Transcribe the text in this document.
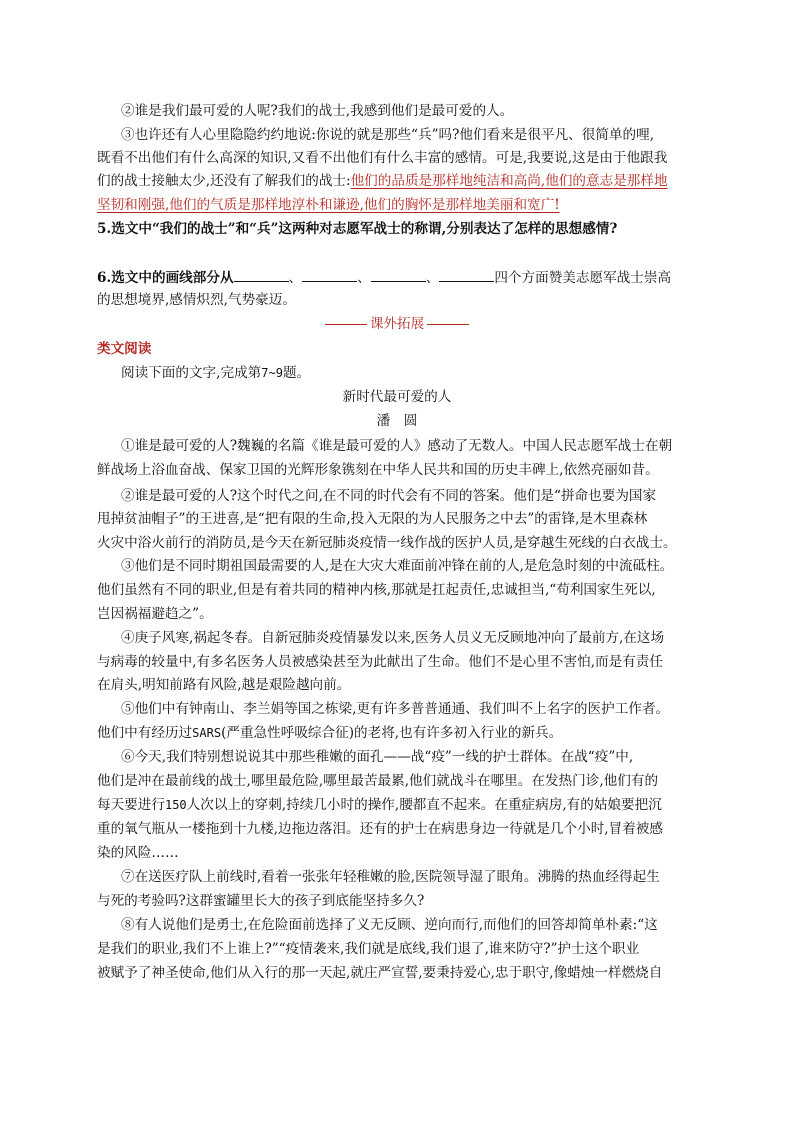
②谁是我们最可爱的人呢?我们的战士,我感到他们是最可爱的人。
③也许还有人心里隐隐约约地说:你说的就是那些“兵”吗?他们看来是很平凡、很简单的哩,
既看不出他们有什么高深的知识,又看不出他们有什么丰富的感情。可是,我要说,这是由于他跟我
们的战士接触太少,还没有了解我们的战士:他们的品质是那样地纯洁和高尚,他们的意志是那样地
坚韧和刚强,他们的气质是那样地淳朴和谦逊,他们的胸怀是那样地美丽和宽广!
5.选文中“我们的战士”和“兵”这两种对志愿军战士的称谓,分别表达了怎样的思想感情?
6.选文中的画线部分从	、	、	、	四个方面赞美志愿军战士崇高
的思想境界,感情炽烈,气势豪迈。
课外拓展
类文阅读
阅读下面的文字,完成第7~9题。
新时代最可爱的人
潘　圆
①谁是最可爱的人?魏巍的名篇《谁是最可爱的人》感动了无数人。中国人民志愿军战士在朝
鲜战场上浴血奋战、保家卫国的光辉形象镌刻在中华人民共和国的历史丰碑上,依然亮丽如昔。
②谁是最可爱的人?这个时代之问,在不同的时代会有不同的答案。他们是“拼命也要为国家
甩掉贫油帽子”的王进喜,是“把有限的生命,投入无限的为人民服务之中去”的雷锋,是木里森林
火灾中浴火前行的消防员,是今天在新冠肺炎疫情一线作战的医护人员,是穿越生死线的白衣战士。
③他们是不同时期祖国最需要的人,是在大灾大难面前冲锋在前的人,是危急时刻的中流砥柱。
他们虽然有不同的职业,但是有着共同的精神内核,那就是扛起责任,忠诚担当,“苟利国家生死以,
岂因祸福避趋之”。
④庚子风寒,祸起冬春。自新冠肺炎疫情暴发以来,医务人员义无反顾地冲向了最前方,在这场
与病毒的较量中,有多名医务人员被感染甚至为此献出了生命。他们不是心里不害怕,而是有责任
在肩头,明知前路有风险,越是艰险越向前。
⑤他们中有钟南山、李兰娟等国之栋梁,更有许多普普通通、我们叫不上名字的医护工作者。
他们中有经历过SARS(严重急性呼吸综合征)的老将,也有许多初入行业的新兵。
⑥今天,我们特别想说说其中那些稚嫩的面孔——战“疫”一线的护士群体。在战“疫”中,
他们是冲在最前线的战士,哪里最危险,哪里最苦最累,他们就战斗在哪里。在发热门诊,他们有的
每天要进行150人次以上的穿刺,持续几小时的操作,腰都直不起来。在重症病房,有的姑娘要把沉
重的氧气瓶从一楼拖到十九楼,边拖边落泪。还有的护士在病患身边一待就是几个小时,冒着被感
染的风险……
⑦在送医疗队上前线时,看着一张张年轻稚嫩的脸,医院领导湿了眼角。沸腾的热血经得起生
与死的考验吗?这群蜜罐里长大的孩子到底能坚持多久?
⑧有人说他们是勇士,在危险面前选择了义无反顾、逆向而行,而他们的回答却简单朴素:“这
是我们的职业,我们不上谁上?”“疫情袭来,我们就是底线,我们退了,谁来防守?”护士这个职业
被赋予了神圣使命,他们从入行的那一天起,就庄严宣誓,要秉持爱心,忠于职守,像蜡烛一样燃烧自
